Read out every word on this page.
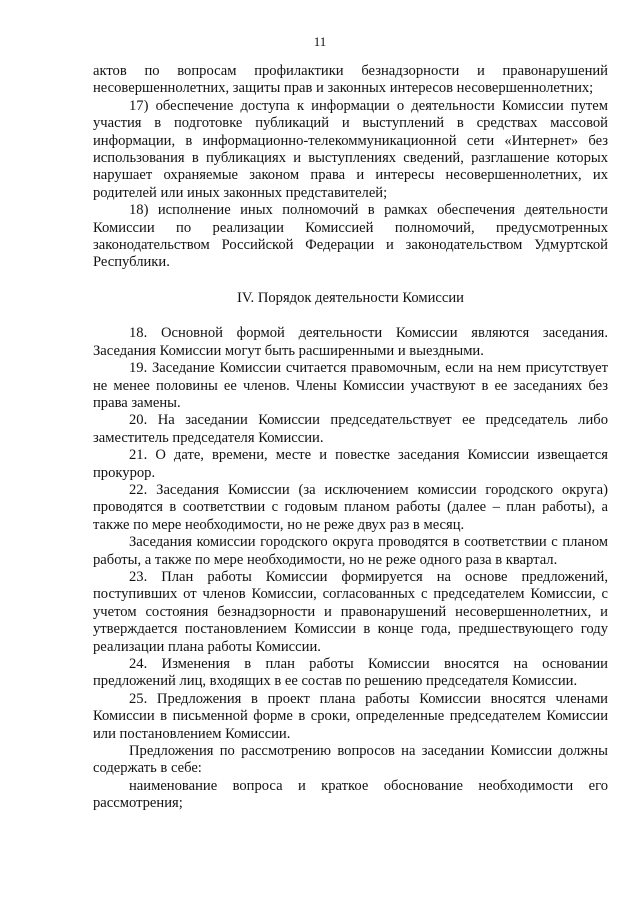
11

актов по вопросам профилактики безнадзорности и правонарушений несовершеннолетних, защиты прав и законных интересов несовершеннолетних;

17) обеспечение доступа к информации о деятельности Комиссии путем участия в подготовке публикаций и выступлений в средствах массовой информации, в информационно-телекоммуникационной сети «Интернет» без использования в публикациях и выступлениях сведений, разглашение которых нарушает охраняемые законом права и интересы несовершеннолетних, их родителей или иных законных представителей;

18) исполнение иных полномочий в рамках обеспечения деятельности Комиссии по реализации Комиссией полномочий, предусмотренных законодательством Российской Федерации и законодательством Удмуртской Республики.

IV. Порядок деятельности Комиссии

18. Основной формой деятельности Комиссии являются заседания. Заседания Комиссии могут быть расширенными и выездными.

19. Заседание Комиссии считается правомочным, если на нем присутствует не менее половины ее членов. Члены Комиссии участвуют в ее заседаниях без права замены.

20. На заседании Комиссии председательствует ее председатель либо заместитель председателя Комиссии.

21. О дате, времени, месте и повестке заседания Комиссии извещается прокурор.

22. Заседания Комиссии (за исключением комиссии городского округа) проводятся в соответствии с годовым планом работы (далее – план работы), а также по мере необходимости, но не реже двух раз в месяц.

Заседания комиссии городского округа проводятся в соответствии с планом работы, а также по мере необходимости, но не реже одного раза в квартал.

23. План работы Комиссии формируется на основе предложений, поступивших от членов Комиссии, согласованных с председателем Комиссии, с учетом состояния безнадзорности и правонарушений несовершеннолетних, и утверждается постановлением Комиссии в конце года, предшествующего году реализации плана работы Комиссии.

24. Изменения в план работы Комиссии вносятся на основании предложений лиц, входящих в ее состав по решению председателя Комиссии.

25. Предложения в проект плана работы Комиссии вносятся членами Комиссии в письменной форме в сроки, определенные председателем Комиссии или постановлением Комиссии.

Предложения по рассмотрению вопросов на заседании Комиссии должны содержать в себе:

наименование вопроса и краткое обоснование необходимости его рассмотрения;
